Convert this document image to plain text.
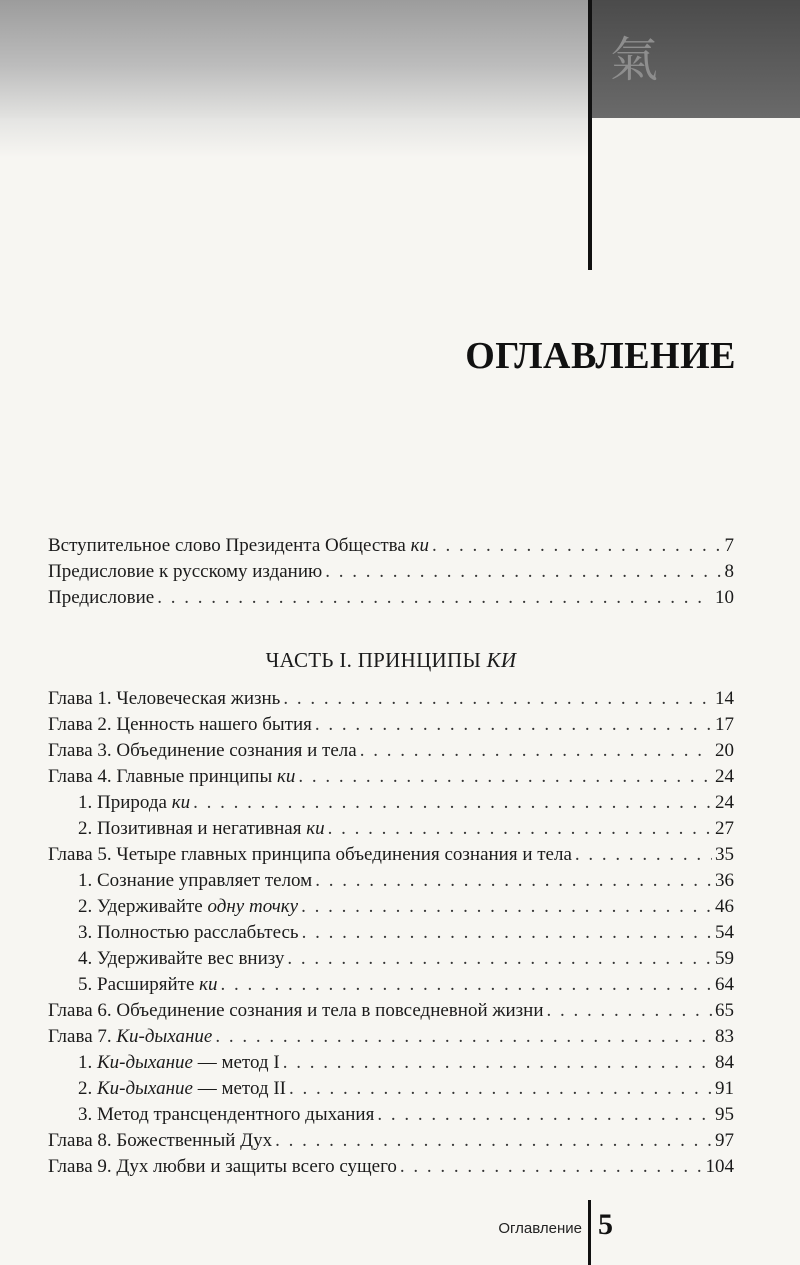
氣
ОГЛАВЛЕНИЕ
Вступительное слово Президента Общества ки . . .	7
Предисловие к русскому изданию . . .	8
Предисловие . . .	10
ЧАСТЬ I. ПРИНЦИПЫ КИ
Глава 1. Человеческая жизнь . . .	14
Глава 2. Ценность нашего бытия . . .	17
Глава 3. Объединение сознания и тела . . .	20
Глава 4. Главные принципы ки . . .	24
1. Природа ки . . .	24
2. Позитивная и негативная ки . . .	27
Глава 5. Четыре главных принципа объединения сознания и тела . . .	35
1. Сознание управляет телом . . .	36
2. Удерживайте одну точку . . .	46
3. Полностью расслабьтесь . . .	54
4. Удерживайте вес внизу . . .	59
5. Расширяйте ки . . .	64
Глава 6. Объединение сознания и тела в повседневной жизни . . .	65
Глава 7. Ки-дыхание . . .	83
1. Ки-дыхание — метод I . . .	84
2. Ки-дыхание — метод II . . .	91
3. Метод трансцендентного дыхания . . .	95
Глава 8. Божественный Дух . . .	97
Глава 9. Дух любви и защиты всего сущего . . .	104
Оглавление 5
